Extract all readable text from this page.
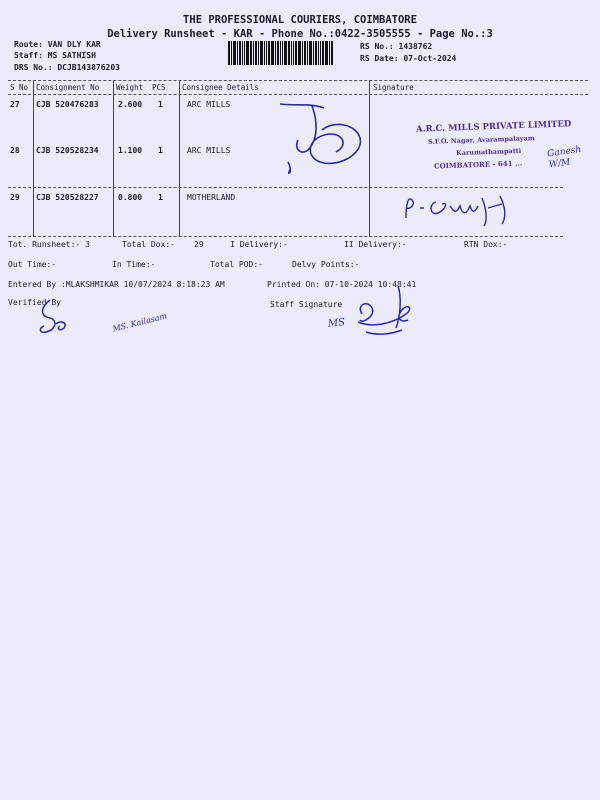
THE PROFESSIONAL COURIERS, COIMBATORE
Delivery Runsheet - KAR - Phone No.:0422-3505555 - Page No.:3
Route: VAN DLY KAR
Staff: MS SATHISH
DRS No.: DCJB143876203
RS No.: 1438762
RS Date: 07-Oct-2024
S No Consignment No Weight PCS Consignee Details	Signature
27 CJB 520476283 2.600 1	ARC MILLS
28 CJB 520528234 1.100 1	ARC MILLS
29 CJB 520528227 0.800 1	MOTHERLAND
A.R.C. MILLS PRIVATE LIMITED
S.F.O. Nagar, Avarampalayam
Karumathampatti
COIMBATORE - 641 ...
Ganesh W/M
Tot. Runsheet:- 3	Total Dox:- 29	I Delivery:-	II Delivery:-	RTN Dox:-
Out Time:-	In Time:-	Total POD:-	Delvy Points:-
Entered By :MLAKSHMIKAR 10/07/2024 8:18:23 AM	Printed On: 07-10-2024 10:48:41
Verified By	Staff Signature
MS. Kailasam	MS
